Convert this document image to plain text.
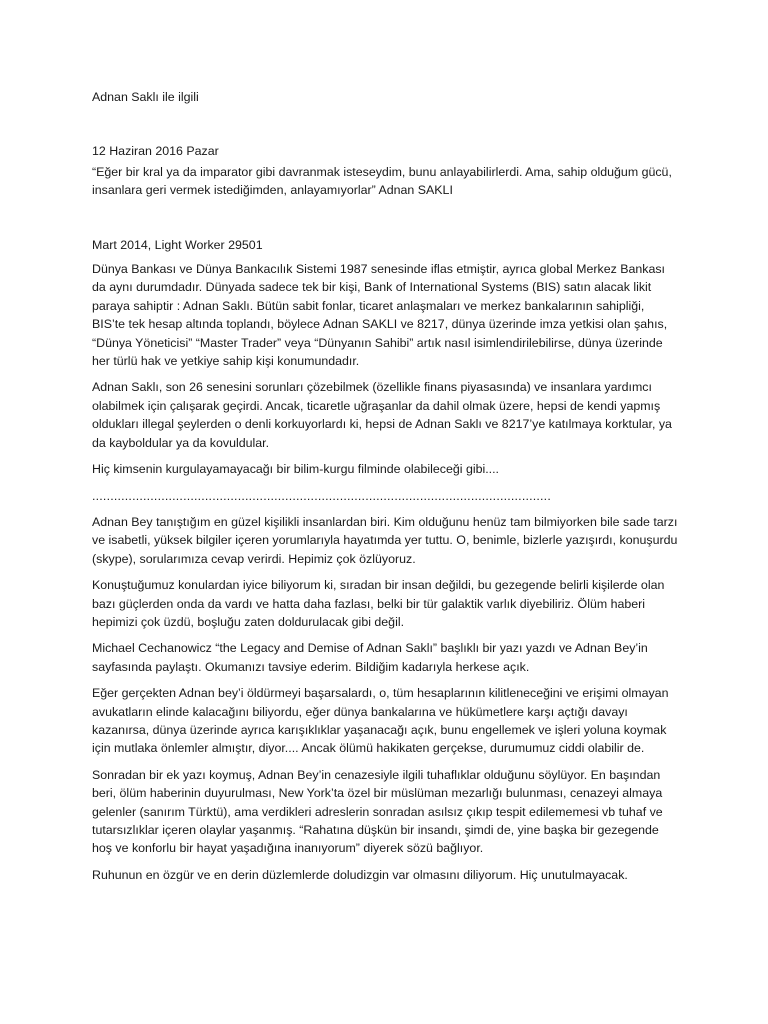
Adnan Saklı ile ilgili

12 Haziran 2016 Pazar

“Eğer bir kral ya da imparator gibi davranmak isteseydim, bunu anlayabilirlerdi. Ama, sahip olduğum gücü, insanlara geri vermek istediğimden, anlayamıyorlar” Adnan SAKLI

Mart 2014, Light Worker 29501

Dünya Bankası ve Dünya Bankacılık Sistemi 1987 senesinde iflas etmiştir, ayrıca global Merkez Bankası da aynı durumdadır. Dünyada sadece tek bir kişi, Bank of International Systems (BIS) satın alacak likit paraya sahiptir : Adnan Saklı. Bütün sabit fonlar, ticaret anlaşmaları ve merkez bankalarının sahipliği, BIS’te tek hesap altında toplandı, böylece Adnan SAKLI ve 8217, dünya üzerinde imza yetkisi olan şahıs, “Dünya Yöneticisi” “Master Trader” veya “Dünyanın Sahibi” artık nasıl isimlendirilebilirse, dünya üzerinde her türlü hak ve yetkiye sahip kişi konumundadır.

Adnan Saklı, son 26 senesini sorunları çözebilmek (özellikle finans piyasasında) ve insanlara yardımcı olabilmek için çalışarak geçirdi. Ancak, ticaretle uğraşanlar da dahil olmak üzere, hepsi de kendi yapmış oldukları illegal şeylerden o denli korkuyorlardı ki, hepsi de Adnan Saklı ve 8217’ye katılmaya korktular, ya da kayboldular ya da kovuldular.

Hiç kimsenin kurgulayamayacağı bir bilim-kurgu filminde olabileceği gibi....

..............................................................................................................................

Adnan Bey tanıştığım en güzel kişilikli insanlardan biri. Kim olduğunu henüz tam bilmiyorken bile sade tarzı ve isabetli, yüksek bilgiler içeren yorumlarıyla hayatımda yer tuttu. O, benimle, bizlerle yazışırdı, konuşurdu (skype), sorularımıza cevap verirdi. Hepimiz çok özlüyoruz.

Konuştuğumuz konulardan iyice biliyorum ki, sıradan bir insan değildi, bu gezegende belirli kişilerde olan bazı güçlerden onda da vardı ve hatta daha fazlası, belki bir tür galaktik varlık diyebiliriz. Ölüm haberi hepimizi çok üzdü, boşluğu zaten doldurulacak gibi değil.

Michael Cechanowicz “the Legacy and Demise of Adnan Saklı” başlıklı bir yazı yazdı ve Adnan Bey’in sayfasında paylaştı. Okumanızı tavsiye ederim. Bildiğim kadarıyla herkese açık.

Eğer gerçekten Adnan bey’i öldürmeyi başarsalardı, o, tüm hesaplarının kilitleneceğini ve erişimi olmayan avukatların elinde kalacağını biliyordu, eğer dünya bankalarına ve hükümetlere karşı açtığı davayı kazanırsa, dünya üzerinde ayrıca karışıklıklar yaşanacağı açık, bunu engellemek ve işleri yoluna koymak için mutlaka önlemler almıştır, diyor.... Ancak ölümü hakikaten gerçekse, durumumuz ciddi olabilir de.

Sonradan bir ek yazı koymuş, Adnan Bey’in cenazesiyle ilgili tuhaflıklar olduğunu söylüyor. En başından beri, ölüm haberinin duyurulması, New York’ta özel bir müslüman mezarlığı bulunması, cenazeyi almaya gelenler (sanırım Türktü), ama verdikleri adreslerin sonradan asılsız çıkıp tespit edilememesi vb tuhaf ve tutarsızlıklar içeren olaylar yaşanmış. “Rahatına düşkün bir insandı, şimdi de, yine başka bir gezegende hoş ve konforlu bir hayat yaşadığına inanıyorum” diyerek sözü bağlıyor.

Ruhunun en özgür ve en derin düzlemlerde doludizgin var olmasını diliyorum. Hiç unutulmayacak.
